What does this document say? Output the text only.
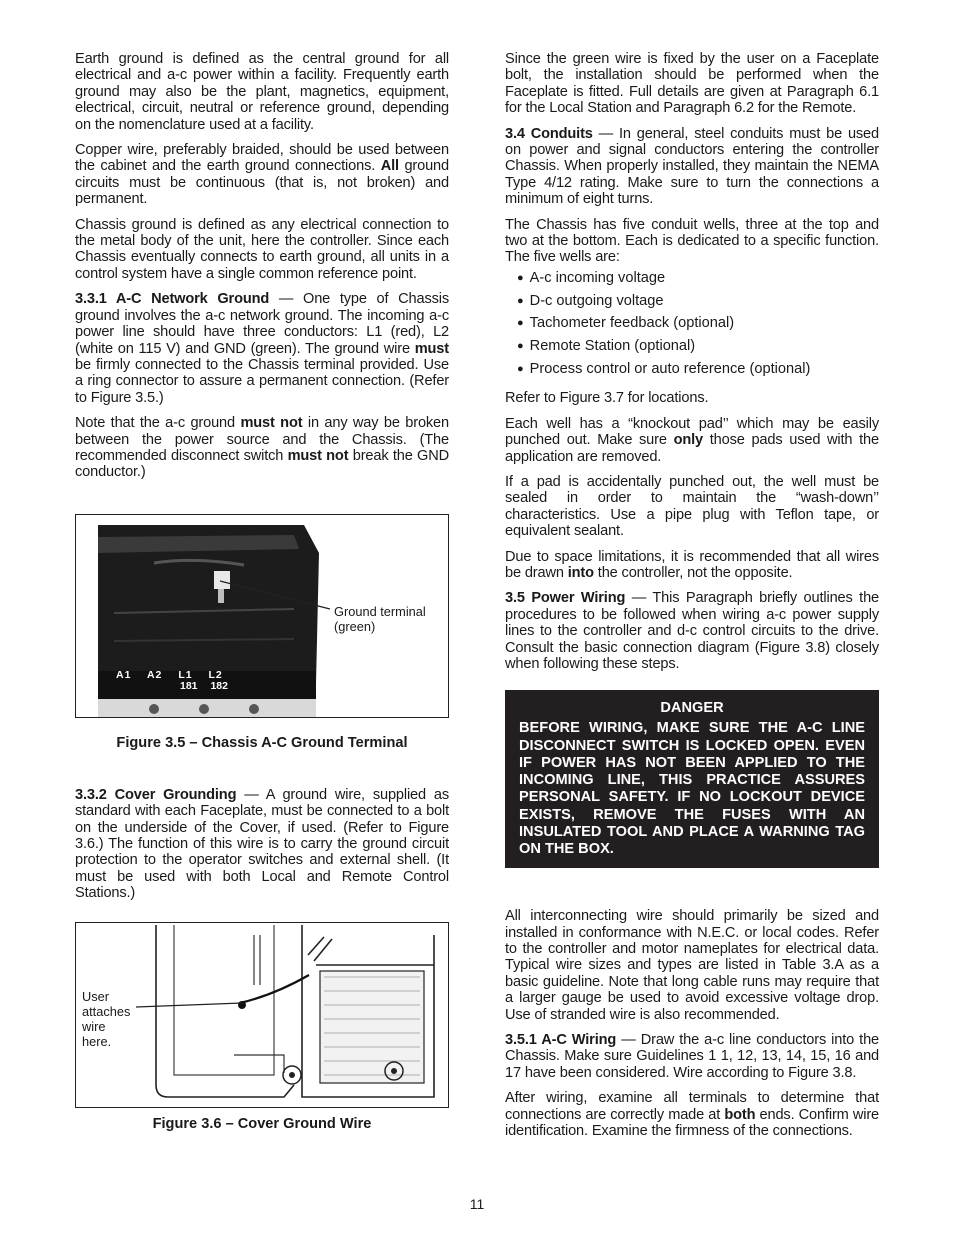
Earth ground is defined as the central ground for all electrical and a-c power within a facility. Frequently earth ground may also be the plant, magnetics, equipment, electrical, circuit, neutral or reference ground, depending on the nomenclature used at a facility.

Copper wire, preferably braided, should be used between the cabinet and the earth ground connections. All ground circuits must be continuous (that is, not broken) and permanent.

Chassis ground is defined as any electrical connection to the metal body of the unit, here the controller. Since each Chassis eventually connects to earth ground, all units in a control system have a single common reference point.

3.3.1 A-C Network Ground — One type of Chassis ground involves the a-c network ground. The incoming a-c power line should have three conductors: L1 (red), L2 (white on 115 V) and GND (green). The ground wire must be firmly connected to the Chassis terminal provided. Use a ring connector to assure a permanent connection. (Refer to Figure 3.5.)

Note that the a-c ground must not in any way be broken between the power source and the Chassis. (The recommended disconnect switch must not break the GND conductor.)

A1 A2 L1 L2
181 182
Ground terminal
(green)
Figure 3.5 – Chassis A-C Ground Terminal

3.3.2 Cover Grounding — A ground wire, supplied as standard with each Faceplate, must be connected to a bolt on the underside of the Cover, if used. (Refer to Figure 3.6.) The function of this wire is to carry the ground circuit protection to the operator switches and external shell. (It must be used with both Local and Remote Control Stations.)

User
attaches
wire
here.
Figure 3.6 – Cover Ground Wire

Since the green wire is fixed by the user on a Faceplate bolt, the installation should be performed when the Faceplate is fitted. Full details are given at Paragraph 6.1 for the Local Station and Paragraph 6.2 for the Remote.

3.4 Conduits — In general, steel conduits must be used on power and signal conductors entering the controller Chassis. When properly installed, they maintain the NEMA Type 4/12 rating. Make sure to turn the connections a minimum of eight turns.

The Chassis has five conduit wells, three at the top and two at the bottom. Each is dedicated to a specific function. The five wells are:

● A-c incoming voltage
● D-c outgoing voltage
● Tachometer feedback (optional)
● Remote Station (optional)
● Process control or auto reference (optional)

Refer to Figure 3.7 for locations.

Each well has a “knockout pad’’ which may be easily punched out. Make sure only those pads used with the application are removed.

If a pad is accidentally punched out, the well must be sealed in order to maintain the “wash-down’’ characteristics. Use a pipe plug with Teflon tape, or equivalent sealant.

Due to space limitations, it is recommended that all wires be drawn into the controller, not the opposite.

3.5 Power Wiring — This Paragraph briefly outlines the procedures to be followed when wiring a-c power supply lines to the controller and d-c control circuits to the drive. Consult the basic connection diagram (Figure 3.8) closely when following these steps.

DANGER
BEFORE WIRING, MAKE SURE THE A-C LINE DISCONNECT SWITCH IS LOCKED OPEN. EVEN IF POWER HAS NOT BEEN APPLIED TO THE INCOMING LINE, THIS PRACTICE ASSURES PERSONAL SAFETY. IF NO LOCKOUT DEVICE EXISTS, REMOVE THE FUSES WITH AN INSULATED TOOL AND PLACE A WARNING TAG ON THE BOX.

All interconnecting wire should primarily be sized and installed in conformance with N.E.C. or local codes. Refer to the controller and motor nameplates for electrical data. Typical wire sizes and types are listed in Table 3.A as a basic guideline. Note that long cable runs may require that a larger gauge be used to avoid excessive voltage drop. Use of stranded wire is also recommended.

3.5.1 A-C Wiring — Draw the a-c line conductors into the Chassis. Make sure Guidelines 1 1, 12, 13, 14, 15, 16 and 17 have been considered. Wire according to Figure 3.8.

After wiring, examine all terminals to determine that connections are correctly made at both ends. Confirm wire identification. Examine the firmness of the connections.

11
